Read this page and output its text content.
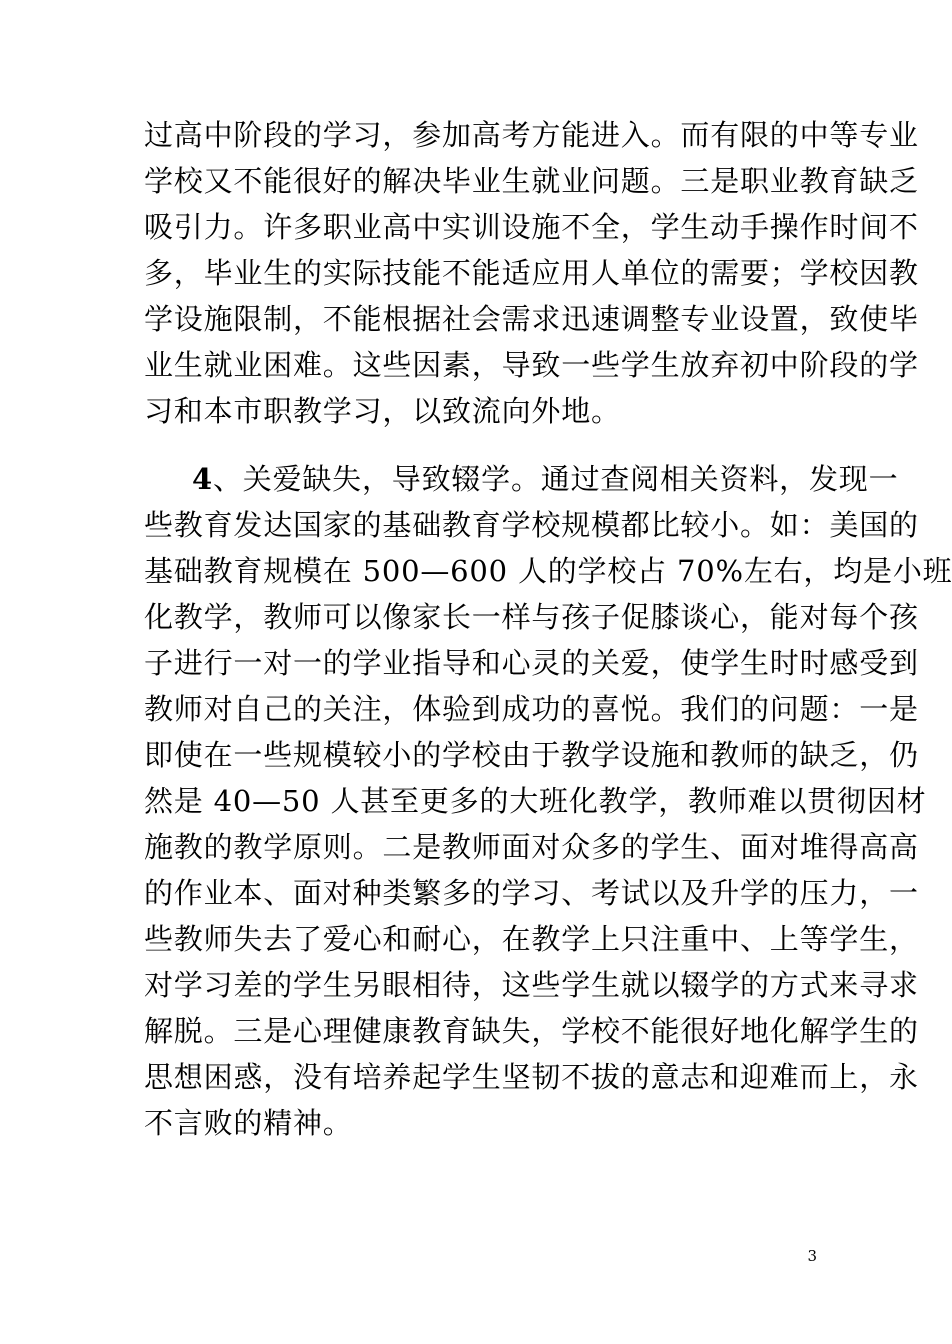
过高中阶段的学习，参加高考方能进入。而有限的中等专业
学校又不能很好的解决毕业生就业问题。三是职业教育缺乏
吸引力。许多职业高中实训设施不全，学生动手操作时间不
多，毕业生的实际技能不能适应用人单位的需要；学校因教
学设施限制，不能根据社会需求迅速调整专业设置，致使毕
业生就业困难。这些因素，导致一些学生放弃初中阶段的学
习和本市职教学习，以致流向外地。
4、关爱缺失，导致辍学。通过查阅相关资料，发现一
些教育发达国家的基础教育学校规模都比较小。如：美国的
基础教育规模在 500—600 人的学校占 70%左右，均是小班
化教学，教师可以像家长一样与孩子促膝谈心，能对每个孩
子进行一对一的学业指导和心灵的关爱，使学生时时感受到
教师对自己的关注，体验到成功的喜悦。我们的问题：一是
即使在一些规模较小的学校由于教学设施和教师的缺乏，仍
然是 40—50 人甚至更多的大班化教学，教师难以贯彻因材
施教的教学原则。二是教师面对众多的学生、面对堆得高高
的作业本、面对种类繁多的学习、考试以及升学的压力，一
些教师失去了爱心和耐心，在教学上只注重中、上等学生，
对学习差的学生另眼相待，这些学生就以辍学的方式来寻求
解脱。三是心理健康教育缺失，学校不能很好地化解学生的
思想困惑，没有培养起学生坚韧不拔的意志和迎难而上，永
不言败的精神。
3
